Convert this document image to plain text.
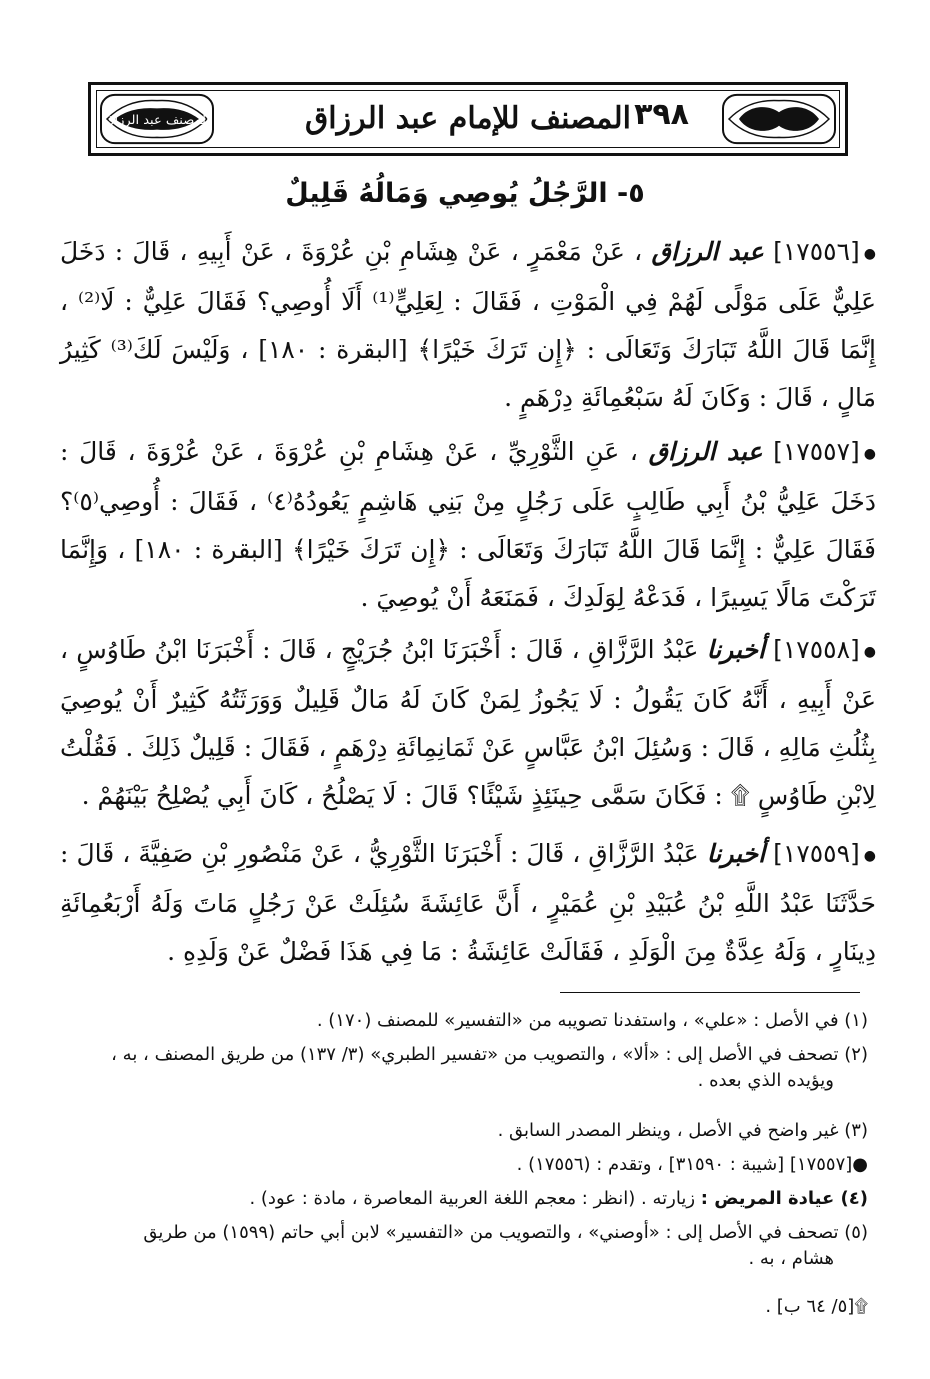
المصنف عبد الرزاق	٣٩٨
المصنف للإمام عبد الرزاق
٥- الرَّجُلُ يُوصِي وَمَالُهُ قَلِيلٌ
●[١٧٥٥٦] عبد الرزاق ، عَنْ مَعْمَرٍ ، عَنْ هِشَامِ بْنِ عُرْوَةَ ، عَنْ أَبِيهِ ، قَالَ : دَخَلَ عَلِيٌّ عَلَى مَوْلًى لَهُمْ فِي الْمَوْتِ ، فَقَالَ : لِعَلِيٍّ⁽¹⁾ أَلَا أُوصِي؟ فَقَالَ عَلِيٌّ : لَا⁽²⁾ ، إِنَّمَا قَالَ اللَّهُ تَبَارَكَ وَتَعَالَى : ﴿إِن تَرَكَ خَيْرًا﴾ [البقرة : ١٨٠] ، وَلَيْسَ لَكَ⁽³⁾ كَثِيرُ مَالٍ ، قَالَ : وَكَانَ لَهُ سَبْعُمِائَةِ دِرْهَمٍ .
●[١٧٥٥٧] عبد الرزاق ، عَنِ الثَّوْرِيِّ ، عَنْ هِشَامِ بْنِ عُرْوَةَ ، عَنْ عُرْوَةَ ، قَالَ : دَخَلَ عَلِيُّ بْنُ أَبِي طَالِبٍ عَلَى رَجُلٍ مِنْ بَنِي هَاشِمٍ يَعُودُهُ⁽٤⁾ ، فَقَالَ : أُوصِي⁽٥⁾؟ فَقَالَ عَلِيٌّ : إِنَّمَا قَالَ اللَّهُ تَبَارَكَ وَتَعَالَى : ﴿إِن تَرَكَ خَيْرًا﴾ [البقرة : ١٨٠] ، وَإِنَّمَا تَرَكْتَ مَالًا يَسِيرًا ، فَدَعْهُ لِوَلَدِكَ ، فَمَنَعَهُ أَنْ يُوصِيَ .
●[١٧٥٥٨] أخبرنا عَبْدُ الرَّزَّاقِ ، قَالَ : أَخْبَرَنَا ابْنُ جُرَيْجٍ ، قَالَ : أَخْبَرَنَا ابْنُ طَاوُسٍ ، عَنْ أَبِيهِ ، أَنَّهُ كَانَ يَقُولُ : لَا يَجُوزُ لِمَنْ كَانَ لَهُ مَالٌ قَلِيلٌ وَوَرَثَتُهُ كَثِيرٌ أَنْ يُوصِيَ بِثُلُثِ مَالِهِ ، قَالَ : وَسُئِلَ ابْنُ عَبَّاسٍ عَنْ ثَمَانِمِائَةِ دِرْهَمٍ ، فَقَالَ : قَلِيلٌ ذَلِكَ . فَقُلْتُ لِابْنِ طَاوُسٍ ۩ : فَكَانَ سَمَّى حِينَئِذٍ شَيْئًا؟ قَالَ : لَا يَصْلُحُ ، كَانَ أَبِي يُصْلِحُ بَيْنَهُمْ .
●[١٧٥٥٩] أخبرنا عَبْدُ الرَّزَّاقِ ، قَالَ : أَخْبَرَنَا الثَّوْرِيُّ ، عَنْ مَنْصُورِ بْنِ صَفِيَّةَ ، قَالَ : حَدَّثَنَا عَبْدُ اللَّهِ بْنُ عُبَيْدِ بْنِ عُمَيْرٍ ، أَنَّ عَائِشَةَ سُئِلَتْ عَنْ رَجُلٍ مَاتَ وَلَهُ أَرْبَعُمِائَةِ دِينَارٍ ، وَلَهُ عِدَّةٌ مِنَ الْوَلَدِ ، فَقَالَتْ عَائِشَةُ : مَا فِي هَذَا فَضْلٌ عَنْ وَلَدِهِ .
(١) في الأصل : «علي» ، واستفدنا تصويبه من «التفسير» للمصنف (١٧٠) .
(٢) تصحف في الأصل إلى : «ألا» ، والتصويب من «تفسير الطبري» (٣/ ١٣٧) من طريق المصنف ، به ،
ويؤيده الذي بعده .
(٣) غير واضح في الأصل ، وينظر المصدر السابق .
●[١٧٥٥٧] [شيبة : ٣١٥٩٠] ، وتقدم : (١٧٥٥٦) .
(٤) عيادة المريض : زيارته . (انظر : معجم اللغة العربية المعاصرة ، مادة : عود) .
(٥) تصحف في الأصل إلى : «أوصني» ، والتصويب من «التفسير» لابن أبي حاتم (١٥٩٩) من طريق
هشام ، به .
۩[٥/ ٦٤ ب] .
